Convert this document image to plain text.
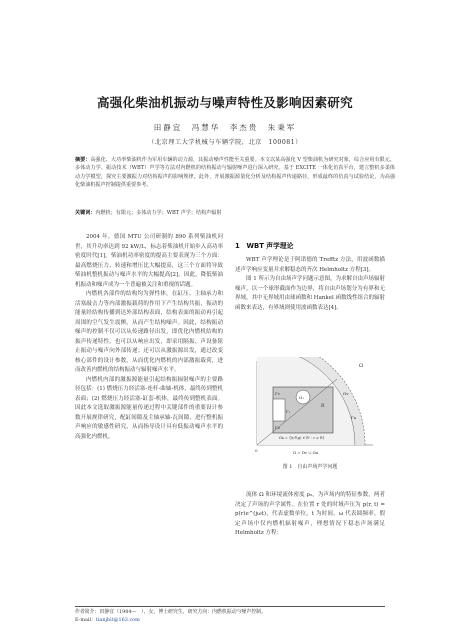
高强化柴油机振动与噪声特性及影响因素研究
田静宜　冯慧华　李杰贵　朱秉军
（北京理工大学机械与车辆学院，北京　100081）
摘要：高强化、大功率柴油机作为军用车辆的动力源，其振动噪声性能至关重要。本文以某高强化 V 型柴油机为研究对象，综合应用有限元、多体动力学、振动技术（WBT）声学等方法对内燃机的结构振动与辐射噪声进行深入研究。基于 EXCITE 一体化仿真平台，建立整机多柔体动力学模型，探究主要激振力对结构振声的影响规律。此外，开展激振源量化分析及结构振声传递路径，形成最终的仿真与试验结论，为高强化柴油机振声控制提供重要参考。
关键词：内燃机；有限元；多体动力学；WBT 声学；结构声辐射

2004 年，德国 MTU 公司研制的 890 系列柴油机问世，其升功率达到 92 kW/L，标志着柴油机开始步入高功率密度时代[1]。柴油机功率密度的提高主要表现为三个方面：最高燃烧压力、转速和增压比大幅提高，这三个方面将导致柴油机整机振动与噪声水平的大幅提高[2]。因此，降低柴油机振动和噪声成为一个普遍被关注和重视的话题。

内燃机各部件的结构均为弹性体，在缸压、主轴承力和活塞敲击力等内部激振载荷的作用下产生结构共振，振动的能量经结构传播到达外部结构表面，结构表面的振动再引起周围的空气发生震颤，从而产生结构噪声。因此，结构振动噪声的控制不仅可以从传递路径出发，即优化内燃机结构的振声传递特性，也可以从响应出发，即采用隔振、声设备阻止振动与噪声向外部传递；还可以从激振源出发，通过改变核心部件的设计参数，从而优化内燃机的内部激振载荷，进而改善内燃机的结构振动与辐射噪声水平。

内燃机内部的激振源能量引起结构振辐射噪声的主要路径包括：(1) 燃烧压力经活塞-连杆-曲轴-机体，最终传到整机表面；(2) 燃烧压力经活塞-缸套-机体，最终传到整机表面。因此本文选取激振源能量传递过程中关键部件的重要设计参数开展规律研究，配缸间隙及主轴承轴-瓦间隙，进行整机振声响应的敏感性研究，从而指导设计具有低振动噪声水平的高强化内燃机。

1　WBT 声学理论

WBT 声学理论是于阿诺德的 Trefftz 方法，用波函数描述声学响应变量并求解稳态的齐次 Helmholtz 方程[3]。

图 1 所示为自由场声学问题示意图，为求解自由声场辐射噪声，以一个球形截面作为边界，将自由声场划分为有界和无界域，其中无界域用由球函数和 Hankel 函数线性组合的辐射函数来表达，有界域则使用波函数表达[4]。

Ω
R
Ω₁
Γv
Γz
Γ₁
Ωv
Γa
0
Ωa = {(r,θ,φ) ∈ R³ : r ≥ R}
Ω = Ωv ∪ Ωa
图 1　自由声场声学问题

流体 Ω 和环境流体密度 ρ₀，为声场内的特征参数，两者决定了声场的声学属性。在位置 r 处的时域声压为 p(r, t) = p(r)e^(jωt)，代表虚数单位，t 为时间，ω 代表圆频率。假定声场中仅内燃机辐射噪声，理想情况下稳态声场满足 Helmholtz 方程：

作者简介：田静宜（1984—　），女，博士研究生，研究方向：内燃机振动与噪声控制。
E-mail：tianjbit@163.com
